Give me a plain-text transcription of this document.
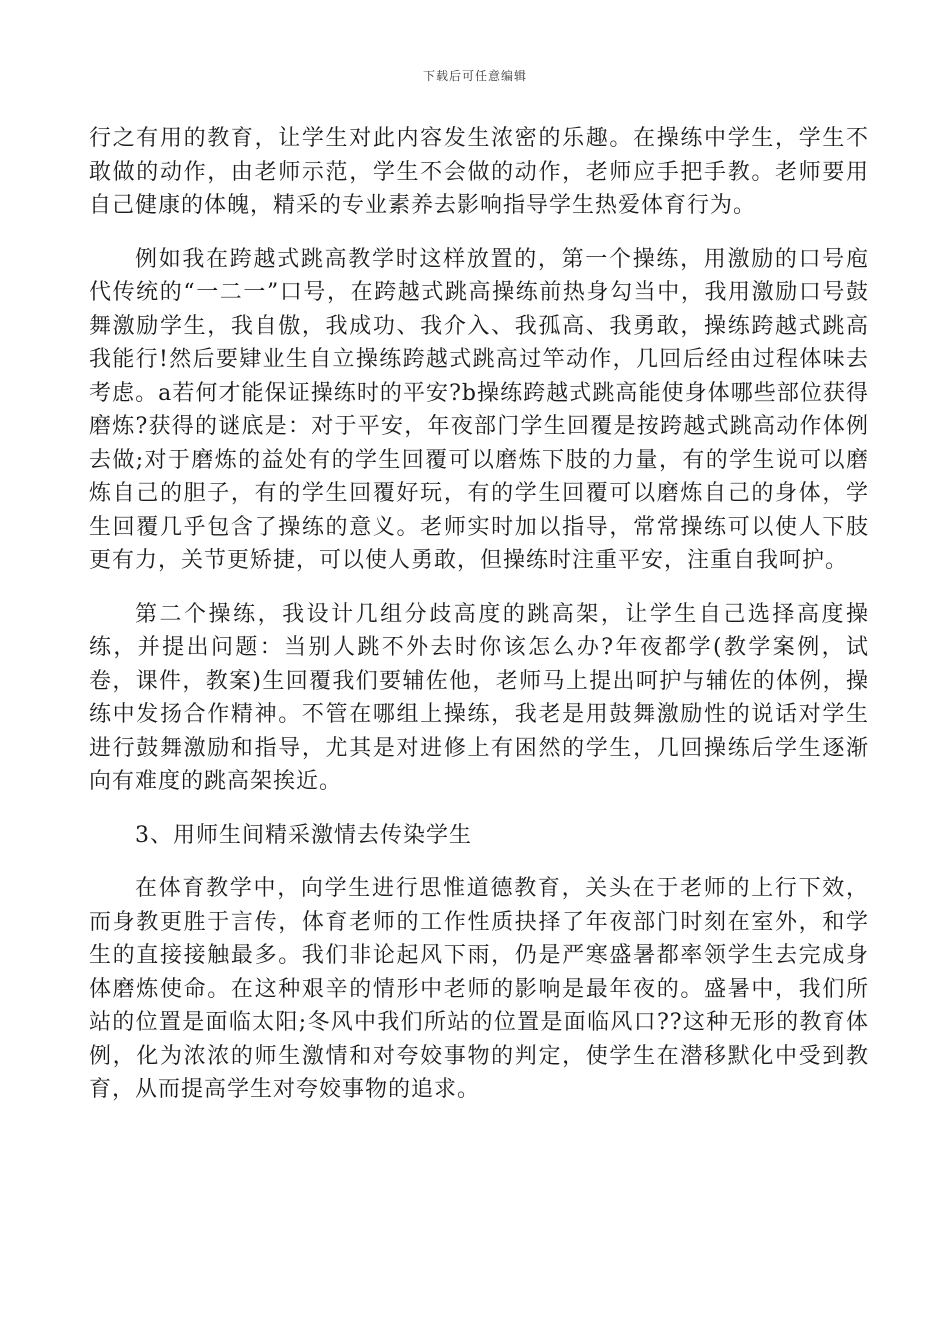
下载后可任意编辑

行之有用的教育，让学生对此内容发生浓密的乐趣。在操练中学生，学生不敢做的动作，由老师示范，学生不会做的动作，老师应手把手教。老师要用自己健康的体魄，精采的专业素养去影响指导学生热爱体育行为。

例如我在跨越式跳高教学时这样放置的，第一个操练，用激励的口号庖代传统的“一二一”口号，在跨越式跳高操练前热身勾当中，我用激励口号鼓舞激励学生，我自傲，我成功、我介入、我孤高、我勇敢，操练跨越式跳高我能行!然后要肄业生自立操练跨越式跳高过竿动作，几回后经由过程体味去考虑。a若何才能保证操练时的平安?b操练跨越式跳高能使身体哪些部位获得磨炼?获得的谜底是：对于平安，年夜部门学生回覆是按跨越式跳高动作体例去做;对于磨炼的益处有的学生回覆可以磨炼下肢的力量，有的学生说可以磨炼自己的胆子，有的学生回覆好玩，有的学生回覆可以磨炼自己的身体，学生回覆几乎包含了操练的意义。老师实时加以指导，常常操练可以使人下肢更有力，关节更矫捷，可以使人勇敢，但操练时注重平安，注重自我呵护。

第二个操练，我设计几组分歧高度的跳高架，让学生自己选择高度操练，并提出问题：当别人跳不外去时你该怎么办?年夜都学(教学案例，试卷，课件，教案)生回覆我们要辅佐他，老师马上提出呵护与辅佐的体例，操练中发扬合作精神。不管在哪组上操练，我老是用鼓舞激励性的说话对学生进行鼓舞激励和指导，尤其是对进修上有困然的学生，几回操练后学生逐渐向有难度的跳高架挨近。

3、用师生间精采激情去传染学生

在体育教学中，向学生进行思惟道德教育，关头在于老师的上行下效，而身教更胜于言传，体育老师的工作性质抉择了年夜部门时刻在室外，和学生的直接接触最多。我们非论起风下雨，仍是严寒盛暑都率领学生去完成身体磨炼使命。在这种艰辛的情形中老师的影响是最年夜的。盛暑中，我们所站的位置是面临太阳;冬风中我们所站的位置是面临风口??这种无形的教育体例，化为浓浓的师生激情和对夸姣事物的判定，使学生在潜移默化中受到教育，从而提高学生对夸姣事物的追求。
